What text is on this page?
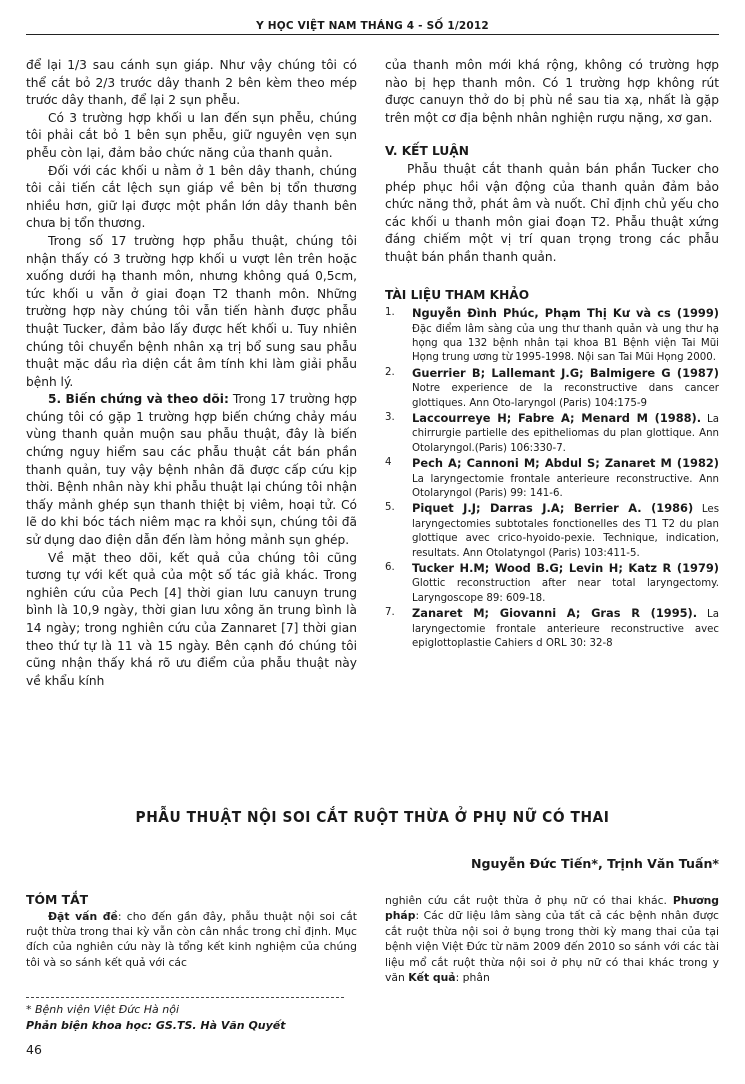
Y HỌC VIỆT NAM THÁNG 4 - SỐ 1/2012

để lại 1/3 sau cánh sụn giáp. Như vậy chúng tôi có thể cắt bỏ 2/3 trước dây thanh 2 bên kèm theo mép trước dây thanh, để lại 2 sụn phễu.

Có 3 trường hợp khối u lan đến sụn phễu, chúng tôi phải cắt bỏ 1 bên sụn phễu, giữ nguyên vẹn sụn phễu còn lại, đảm bảo chức năng của thanh quản.

Đối với các khối u nằm ở 1 bên dây thanh, chúng tôi cải tiến cắt lệch sụn giáp về bên bị tổn thương nhiều hơn, giữ lại được một phần lớn dây thanh bên chưa bị tổn thương.

Trong số 17 trường hợp phẫu thuật, chúng tôi nhận thấy có 3 trường hợp khối u vượt lên trên hoặc xuống dưới hạ thanh môn, nhưng không quá 0,5cm, tức khối u vẫn ở giai đoạn T2 thanh môn. Những trường hợp này chúng tôi vẫn tiến hành được phẫu thuật Tucker, đảm bảo lấy được hết khối u. Tuy nhiên chúng tôi chuyển bệnh nhân xạ trị bổ sung sau phẫu thuật mặc dầu rìa diện cắt âm tính khi làm giải phẫu bệnh lý.

5. Biến chứng và theo dõi: Trong 17 trường hợp chúng tôi có gặp 1 trường hợp biến chứng chảy máu vùng thanh quản muộn sau phẫu thuật, đây là biến chứng nguy hiểm sau các phẫu thuật cắt bán phần thanh quản, tuy vậy bệnh nhân đã được cấp cứu kịp thời. Bệnh nhân này khi phẫu thuật lại chúng tôi nhận thấy mảnh ghép sụn thanh thiệt bị viêm, hoại tử. Có lẽ do khi bóc tách niêm mạc ra khỏi sụn, chúng tôi đã sử dụng dao điện dẫn đến làm hỏng mảnh sụn ghép.

Về mặt theo dõi, kết quả của chúng tôi cũng tương tự với kết quả của một số tác giả khác. Trong nghiên cứu của Pech [4] thời gian lưu canuyn trung bình là 10,9 ngày, thời gian lưu xông ăn trung bình là 14 ngày; trong nghiên cứu của Zannaret [7] thời gian theo thứ tự là 11 và 15 ngày. Bên cạnh đó chúng tôi cũng nhận thấy khá rõ ưu điểm của phẫu thuật này về khẩu kính

của thanh môn mới khá rộng, không có trường hợp nào bị hẹp thanh môn. Có 1 trường hợp không rút được canuyn thở do bị phù nề sau tia xạ, nhất là gặp trên một cơ địa bệnh nhân nghiện rượu nặng, xơ gan.

V. KẾT LUẬN

Phẫu thuật cắt thanh quản bán phần Tucker cho phép phục hồi vận động của thanh quản đảm bảo chức năng thở, phát âm và nuốt. Chỉ định chủ yếu cho các khối u thanh môn giai đoạn T2. Phẫu thuật xứng đáng chiếm một vị trí quan trọng trong các phẫu thuật bán phần thanh quản.

TÀI LIỆU THAM KHẢO

1. Nguyễn Đình Phúc, Phạm Thị Kư và cs (1999) Đặc điểm lâm sàng của ung thư thanh quản và ung thư hạ họng qua 132 bệnh nhân tại khoa B1 Bệnh viện Tai Mũi Họng trung ương từ 1995-1998. Nội san Tai Mũi Họng 2000.
2. Guerrier B; Lallemant J.G; Balmigere G (1987) Notre experience de la reconstructive dans cancer glottiques. Ann Oto-laryngol (Paris) 104:175-9
3. Laccourreye H; Fabre A; Menard M (1988). La chirrurgie partielle des epitheliomas du plan glottique. Ann Otolaryngol.(Paris) 106:330-7.
4 Pech A; Cannoni M; Abdul S; Zanaret M (1982) La laryngectomie frontale anterieure reconstructive. Ann Otolaryngol (Paris) 99: 141-6.
5. Piquet J.J; Darras J.A; Berrier A. (1986) Les laryngectomies subtotales fonctionelles des T1 T2 du plan glottique avec crico-hyoido-pexie. Technique, indication, resultats. Ann Otolatyngol (Paris) 103:411-5.
6. Tucker H.M; Wood B.G; Levin H; Katz R (1979) Glottic reconstruction after near total laryngectomy. Laryngoscope 89: 609-18.
7. Zanaret M; Giovanni A; Gras R (1995). La laryngectomie frontale anterieure reconstructive avec epiglottoplastie Cahiers d ORL 30: 32-8
PHẪU THUẬT NỘI SOI CẮT RUỘT THỪA Ở PHỤ NỮ CÓ THAI
Nguyễn Đức Tiến*, Trịnh Văn Tuấn*

TÓM TẮT

Đặt vấn đề: cho đến gần đây, phẫu thuật nội soi cắt ruột thừa trong thai kỳ vẫn còn cân nhắc trong chỉ định. Mục đích của nghiên cứu này là tổng kết kinh nghiệm của chúng tôi và so sánh kết quả với các

nghiên cứu cắt ruột thừa ở phụ nữ có thai khác. Phương pháp: Các dữ liệu lâm sàng của tất cả các bệnh nhân được cắt ruột thừa nội soi ở bụng trong thời kỳ mang thai của tại bệnh viện Việt Đức từ năm 2009 đến 2010 so sánh với các tài liệu mổ cắt ruột thừa nội soi ở phụ nữ có thai khác trong y văn Kết quả: phân

* Bệnh viện Việt Đức Hà nội
Phản biện khoa học: GS.TS. Hà Văn Quyết
46
